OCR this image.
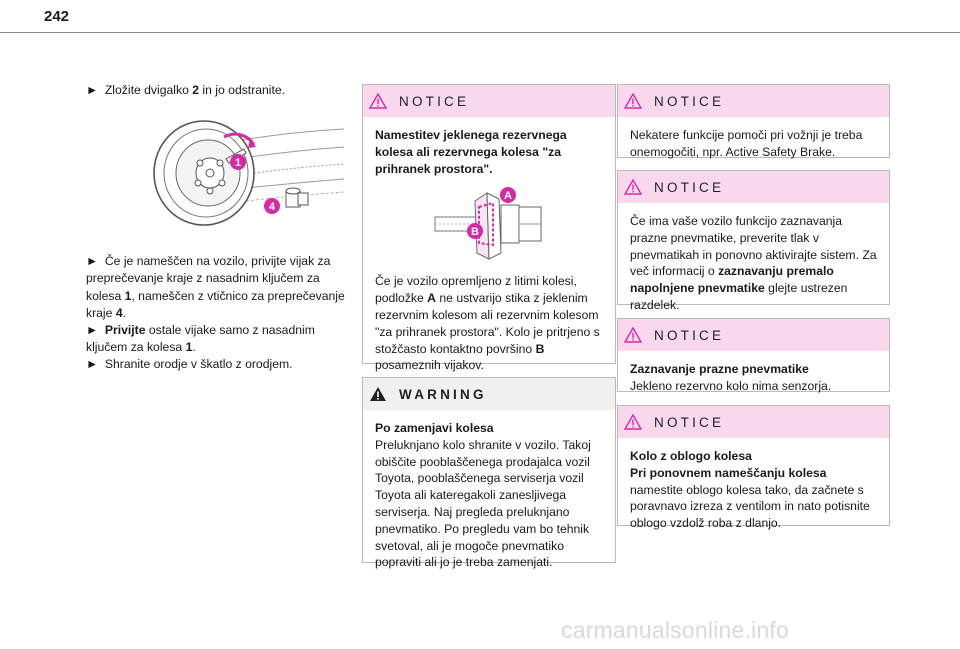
242

► Zložite dvigalko 2 in jo odstranite.

1
4

► Če je nameščen na vozilo, privijte vijak za preprečevanje kraje z nasadnim ključem za kolesa 1, nameščen z vtičnico za preprečevanje kraje 4.

► Privijte ostale vijake samo z nasadnim ključem za kolesa 1.

► Shranite orodje v škatlo z orodjem.

NOTICE

Namestitev jeklenega rezervnega kolesa ali rezervnega kolesa "za prihranek prostora".

A
B

Če je vozilo opremljeno z litimi kolesi, podložke A ne ustvarijo stika z jeklenim rezervnim kolesom ali rezervnim kolesom "za prihranek prostora". Kolo je pritrjeno s stožčasto kontaktno površino B posameznih vijakov.

WARNING

Po zamenjavi kolesa

Preluknjano kolo shranite v vozilo. Takoj obiščite pooblaščenega prodajalca vozil Toyota, pooblaščenega serviserja vozil Toyota ali kateregakoli zanesljivega serviserja. Naj pregleda preluknjano pnevmatiko. Po pregledu vam bo tehnik svetoval, ali je mogoče pnevmatiko popraviti ali jo je treba zamenjati.

NOTICE

Nekatere funkcije pomoči pri vožnji je treba onemogočiti, npr. Active Safety Brake.

NOTICE

Če ima vaše vozilo funkcijo zaznavanja prazne pnevmatike, preverite tlak v pnevmatikah in ponovno aktivirajte sistem. Za več informacij o zaznavanju premalo napolnjene pnevmatike glejte ustrezen razdelek.

NOTICE

Zaznavanje prazne pnevmatike

Jekleno rezervno kolo nima senzorja.

NOTICE

Kolo z oblogo kolesa

Pri ponovnem nameščanju kolesa

namestite oblogo kolesa tako, da začnete s poravnavo izreza z ventilom in nato potisnite oblogo vzdolž roba z dlanjo.

carmanualsonline.info
